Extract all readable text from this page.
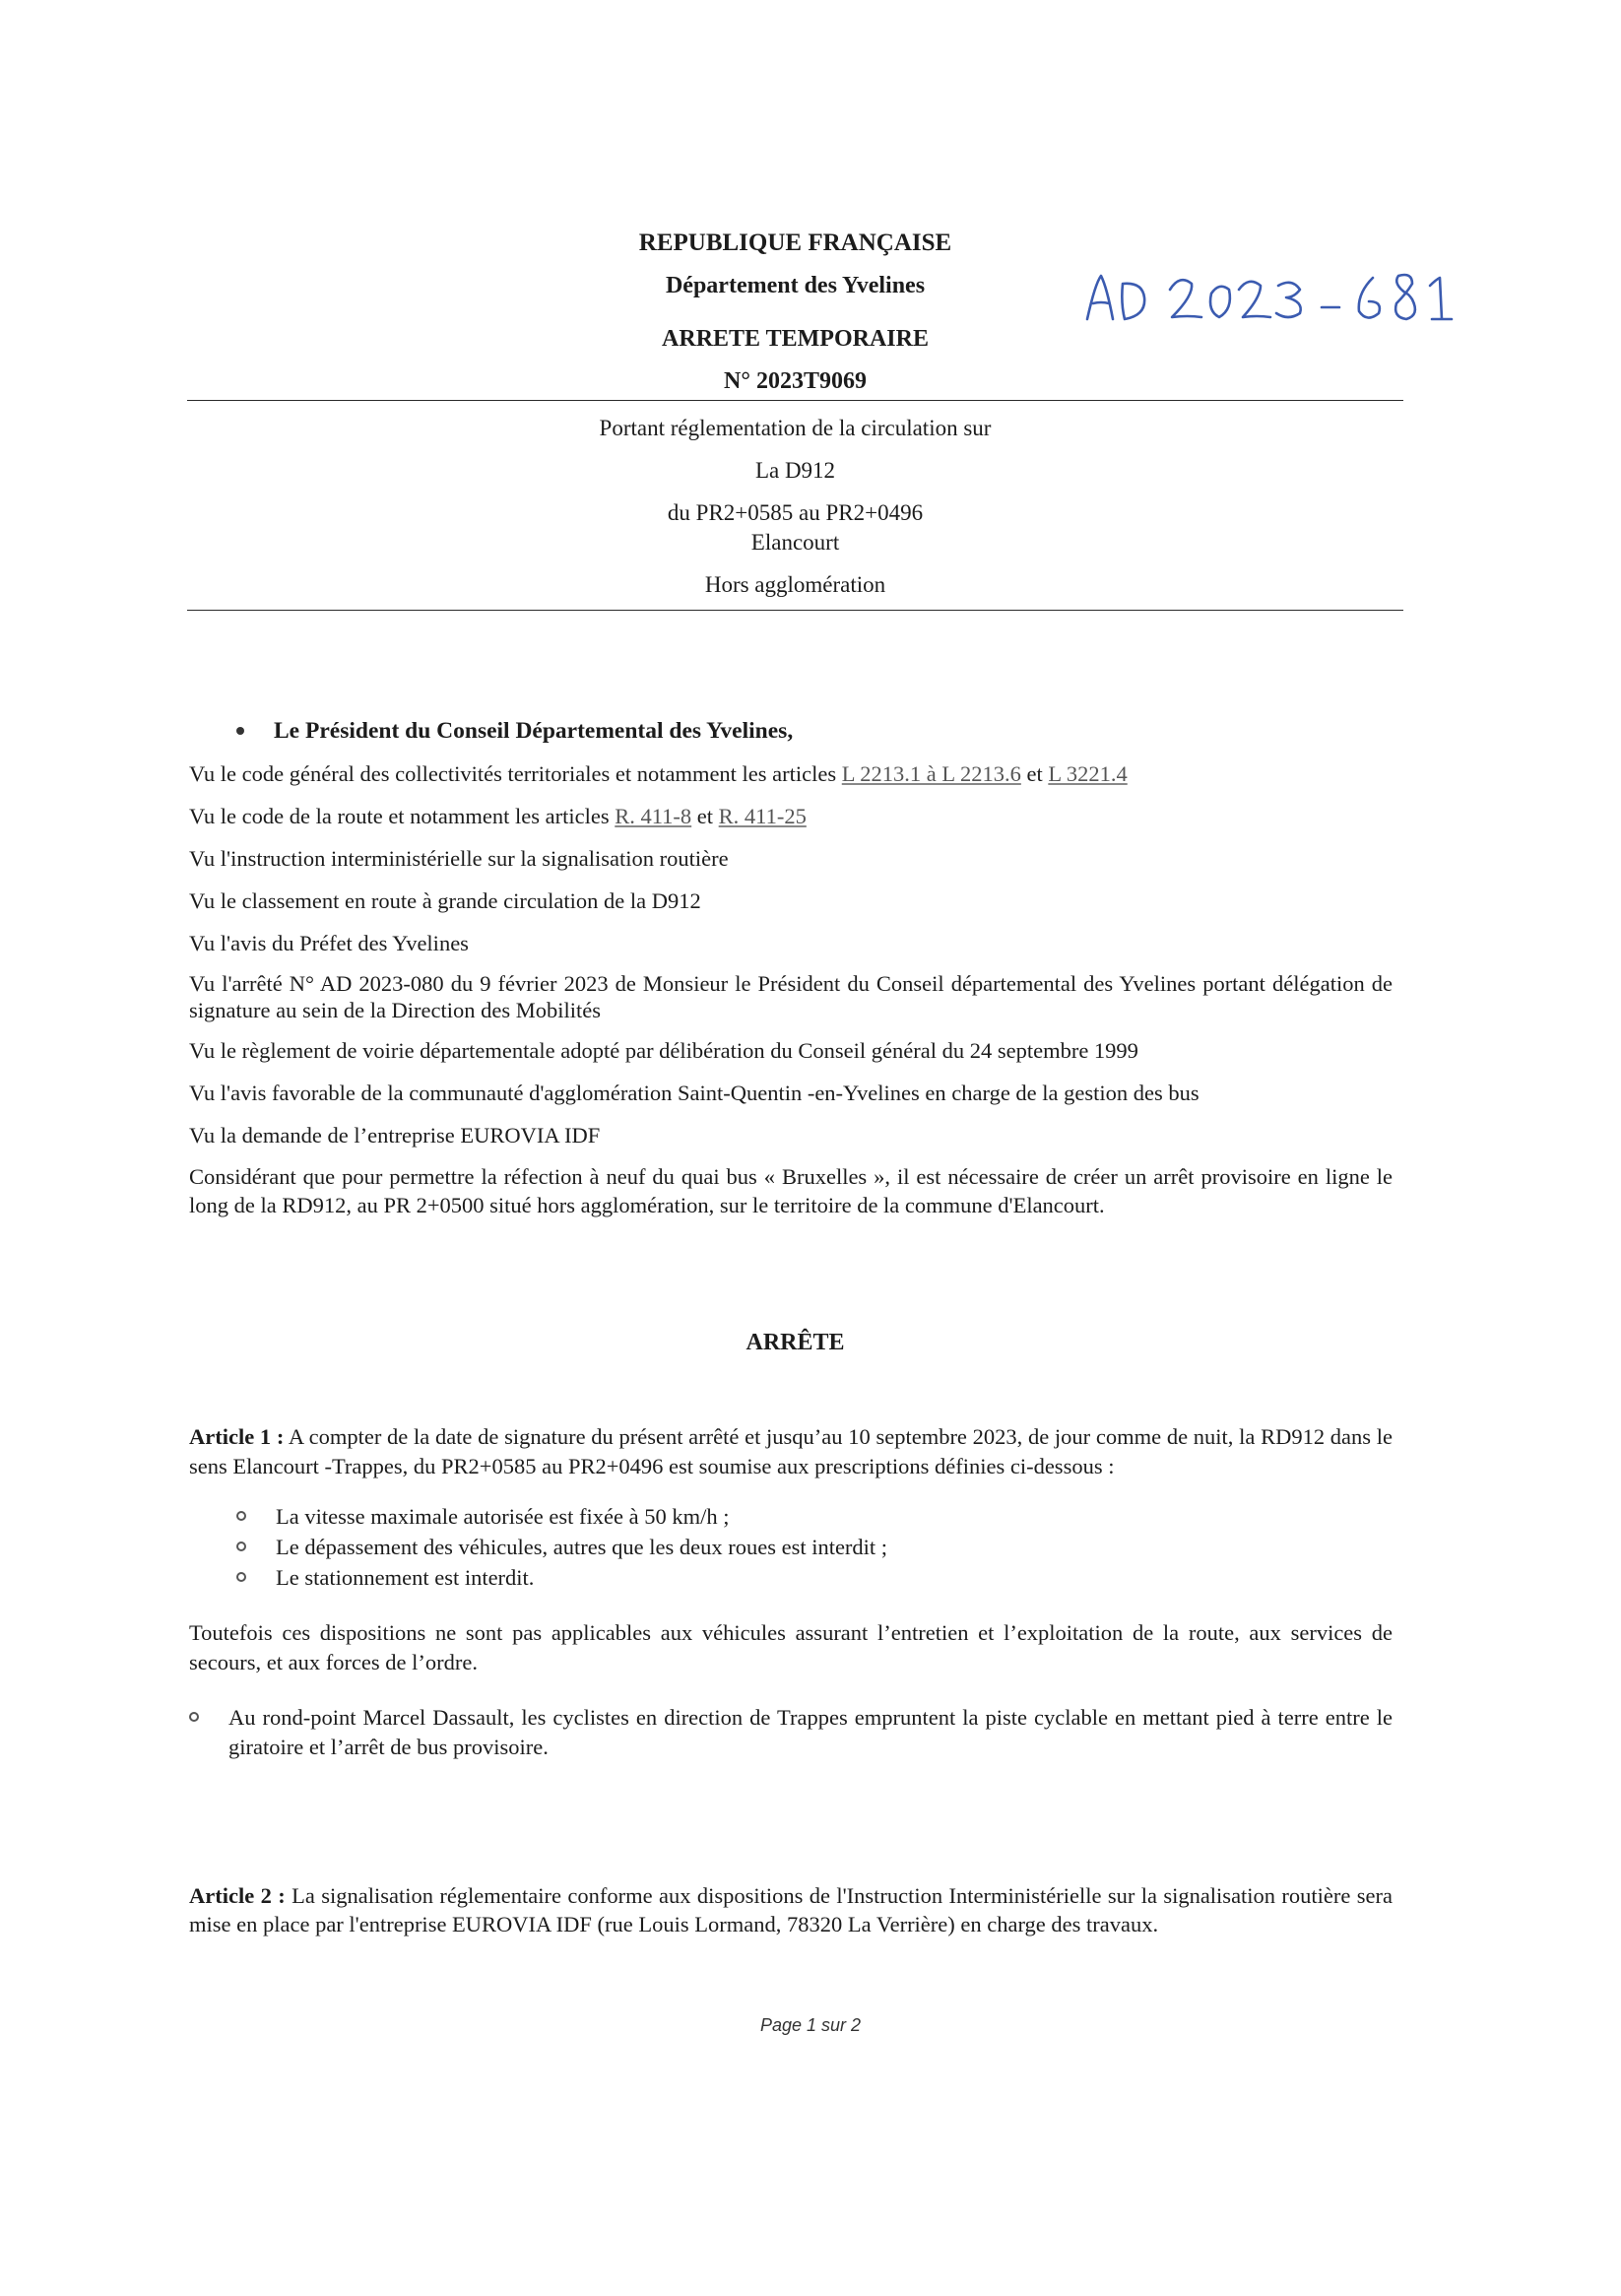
REPUBLIQUE FRANÇAISE
Département des Yvelines
ARRETE TEMPORAIRE
N° 2023T9069
Portant réglementation de la circulation sur
La D912
du PR2+0585 au PR2+0496
Elancourt
Hors agglomération
Le Président du Conseil Départemental des Yvelines,
Vu le code général des collectivités territoriales et notamment les articles L 2213.1 à L 2213.6 et L 3221.4
Vu le code de la route et notamment les articles R. 411-8 et R. 411-25
Vu l'instruction interministérielle sur la signalisation routière
Vu le classement en route à grande circulation de la D912
Vu l'avis du Préfet des Yvelines
Vu l'arrêté N° AD 2023-080 du 9 février 2023 de Monsieur le Président du Conseil départemental des Yvelines portant délégation de signature au sein de la Direction des Mobilités
Vu le règlement de voirie départementale adopté par délibération du Conseil général du 24 septembre 1999
Vu l'avis favorable de la communauté d'agglomération Saint-Quentin -en-Yvelines en charge de la gestion des bus
Vu la demande de l’entreprise EUROVIA IDF
Considérant que pour permettre la réfection à neuf du quai bus « Bruxelles », il est nécessaire de créer un arrêt provisoire en ligne le long de la RD912, au PR 2+0500 situé hors agglomération, sur le territoire de la commune d'Elancourt.
ARRÊTE
Article 1 : A compter de la date de signature du présent arrêté et jusqu’au 10 septembre 2023, de jour comme de nuit, la RD912 dans le sens Elancourt -Trappes, du PR2+0585 au PR2+0496 est soumise aux prescriptions définies ci-dessous :
La vitesse maximale autorisée est fixée à 50 km/h ;
Le dépassement des véhicules, autres que les deux roues est interdit ;
Le stationnement est interdit.
Toutefois ces dispositions ne sont pas applicables aux véhicules assurant l’entretien et l’exploitation de la route, aux services de secours, et aux forces de l’ordre.
Au rond-point Marcel Dassault, les cyclistes en direction de Trappes empruntent la piste cyclable en mettant pied à terre entre le giratoire et l’arrêt de bus provisoire.
Article 2 : La signalisation réglementaire conforme aux dispositions de l'Instruction Interministérielle sur la signalisation routière sera mise en place par l'entreprise EUROVIA IDF (rue Louis Lormand, 78320 La Verrière) en charge des travaux.
Page 1 sur 2
